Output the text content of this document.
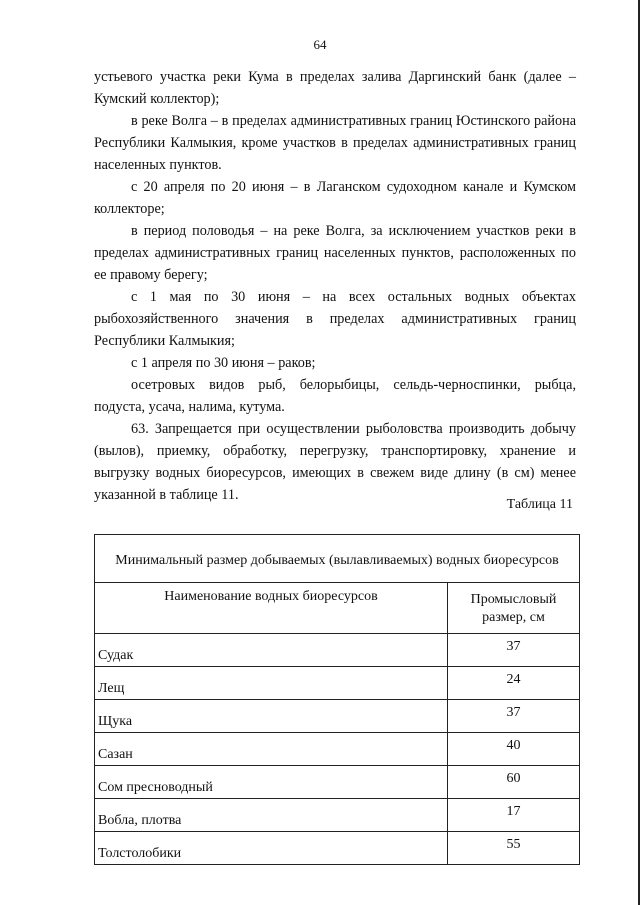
64

устьевого участка реки Кума в пределах залива Даргинский банк (далее – Кумский коллектор);

в реке Волга – в пределах административных границ Юстинского района Республики Калмыкия, кроме участков в пределах административных границ населенных пунктов.

с 20 апреля по 20 июня – в Лаганском судоходном канале и Кумском коллекторе;

в период половодья – на реке Волга, за исключением участков реки в пределах административных границ населенных пунктов, расположенных по ее правому берегу;

с 1 мая по 30 июня – на всех остальных водных объектах рыбохозяйственного значения в пределах административных границ Республики Калмыкия;

с 1 апреля по 30 июня – раков;

осетровых видов рыб, белорыбицы, сельдь-черноспинки, рыбца, подуста, усача, налима, кутума.

63. Запрещается при осуществлении рыболовства производить добычу (вылов), приемку, обработку, перегрузку, транспортировку, хранение и выгрузку водных биоресурсов, имеющих в свежем виде длину (в см) менее указанной в таблице 11.

Таблица 11
Минимальный размер добываемых (вылавливаемых) водных биоресурсов	
Наименование водных биоресурсов	Промысловый размер, см
Судак	37
Лещ	24
Щука	37
Сазан	40
Сом пресноводный	60
Вобла, плотва	17
Толстолобики	55
